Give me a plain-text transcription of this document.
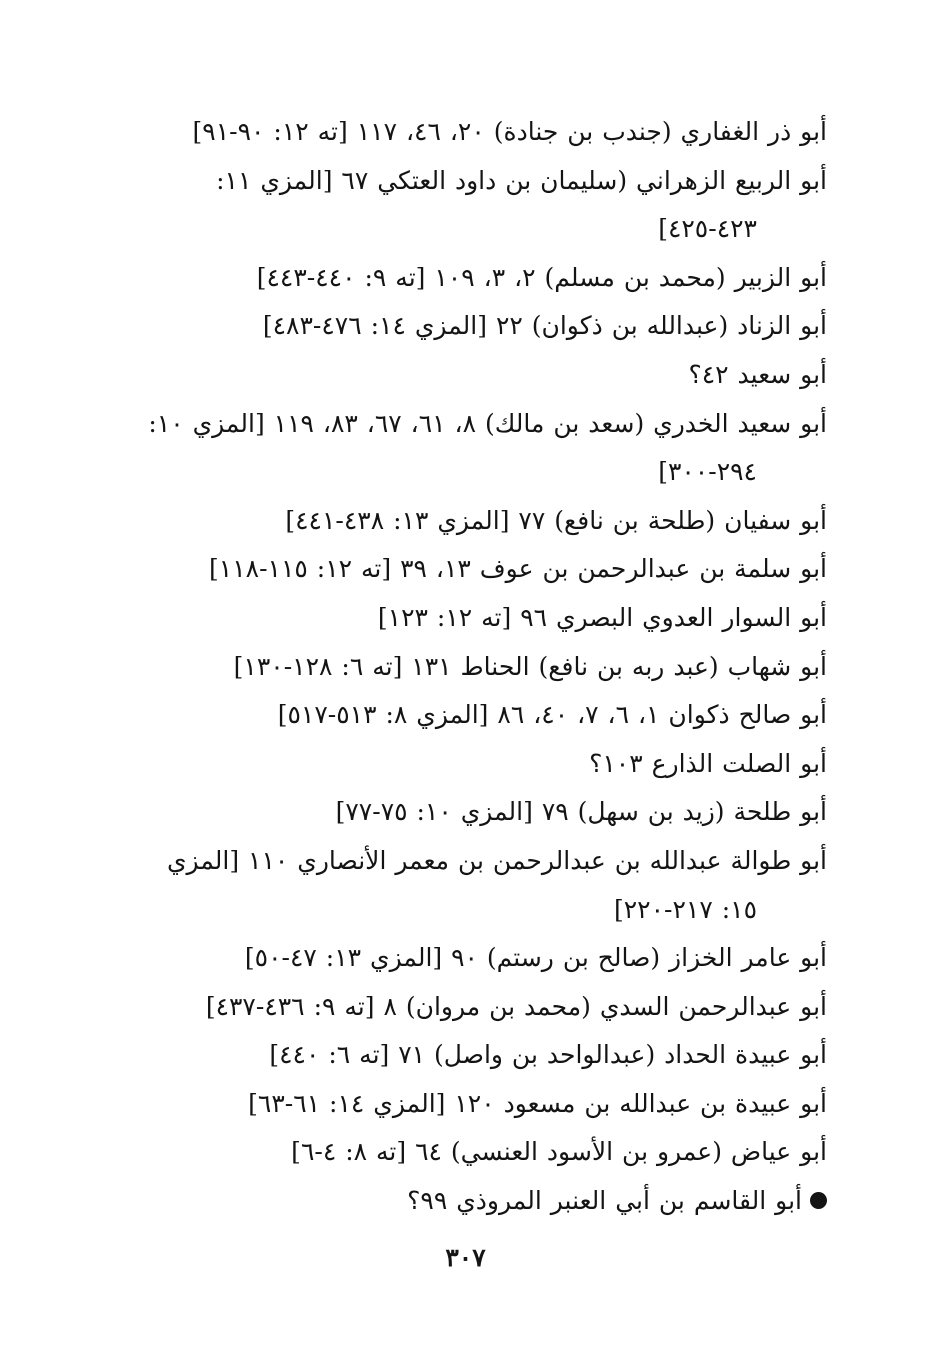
أبو ذر الغفاري (جندب بن جنادة) ٢٠، ٤٦، ١١٧ [ته ١٢: ٩٠-٩١]
أبو الربيع الزهراني (سليمان بن داود العتكي ٦٧ [المزي ١١: ٤٢٣-٤٢٥]
أبو الزبير (محمد بن مسلم) ٢، ٣، ١٠٩ [ته ٩: ٤٤٠-٤٤٣]
أبو الزناد (عبدالله بن ذكوان) ٢٢ [المزي ١٤: ٤٧٦-٤٨٣]
أبو سعيد ٤٢؟
أبو سعيد الخدري (سعد بن مالك) ٨، ٦١، ٦٧، ٨٣، ١١٩ [المزي ١٠: ٢٩٤-٣٠٠]
أبو سفيان (طلحة بن نافع) ٧٧ [المزي ١٣: ٤٣٨-٤٤١]
أبو سلمة بن عبدالرحمن بن عوف ١٣، ٣٩ [ته ١٢: ١١٥-١١٨]
أبو السوار العدوي البصري ٩٦ [ته ١٢: ١٢٣]
أبو شهاب (عبد ربه بن نافع) الحناط ١٣١ [ته ٦: ١٢٨-١٣٠]
أبو صالح ذكوان ١، ٦، ٧، ٤٠، ٨٦ [المزي ٨: ٥١٣-٥١٧]
أبو الصلت الذارع ١٠٣؟
أبو طلحة (زيد بن سهل) ٧٩ [المزي ١٠: ٧٥-٧٧]
أبو طوالة عبدالله بن عبدالرحمن بن معمر الأنصاري ١١٠ [المزي ١٥: ٢١٧-٢٢٠]
أبو عامر الخزاز (صالح بن رستم) ٩٠ [المزي ١٣: ٤٧-٥٠]
أبو عبدالرحمن السدي (محمد بن مروان) ٨ [ته ٩: ٤٣٦-٤٣٧]
أبو عبيدة الحداد (عبدالواحد بن واصل) ٧١ [ته ٦: ٤٤٠]
أبو عبيدة بن عبدالله بن مسعود ١٢٠ [المزي ١٤: ٦١-٦٣]
أبو عياض (عمرو بن الأسود العنسي) ٦٤ [ته ٨: ٤-٦]
أبو القاسم بن أبي العنبر المروذي ٩٩؟
٣٠٧
